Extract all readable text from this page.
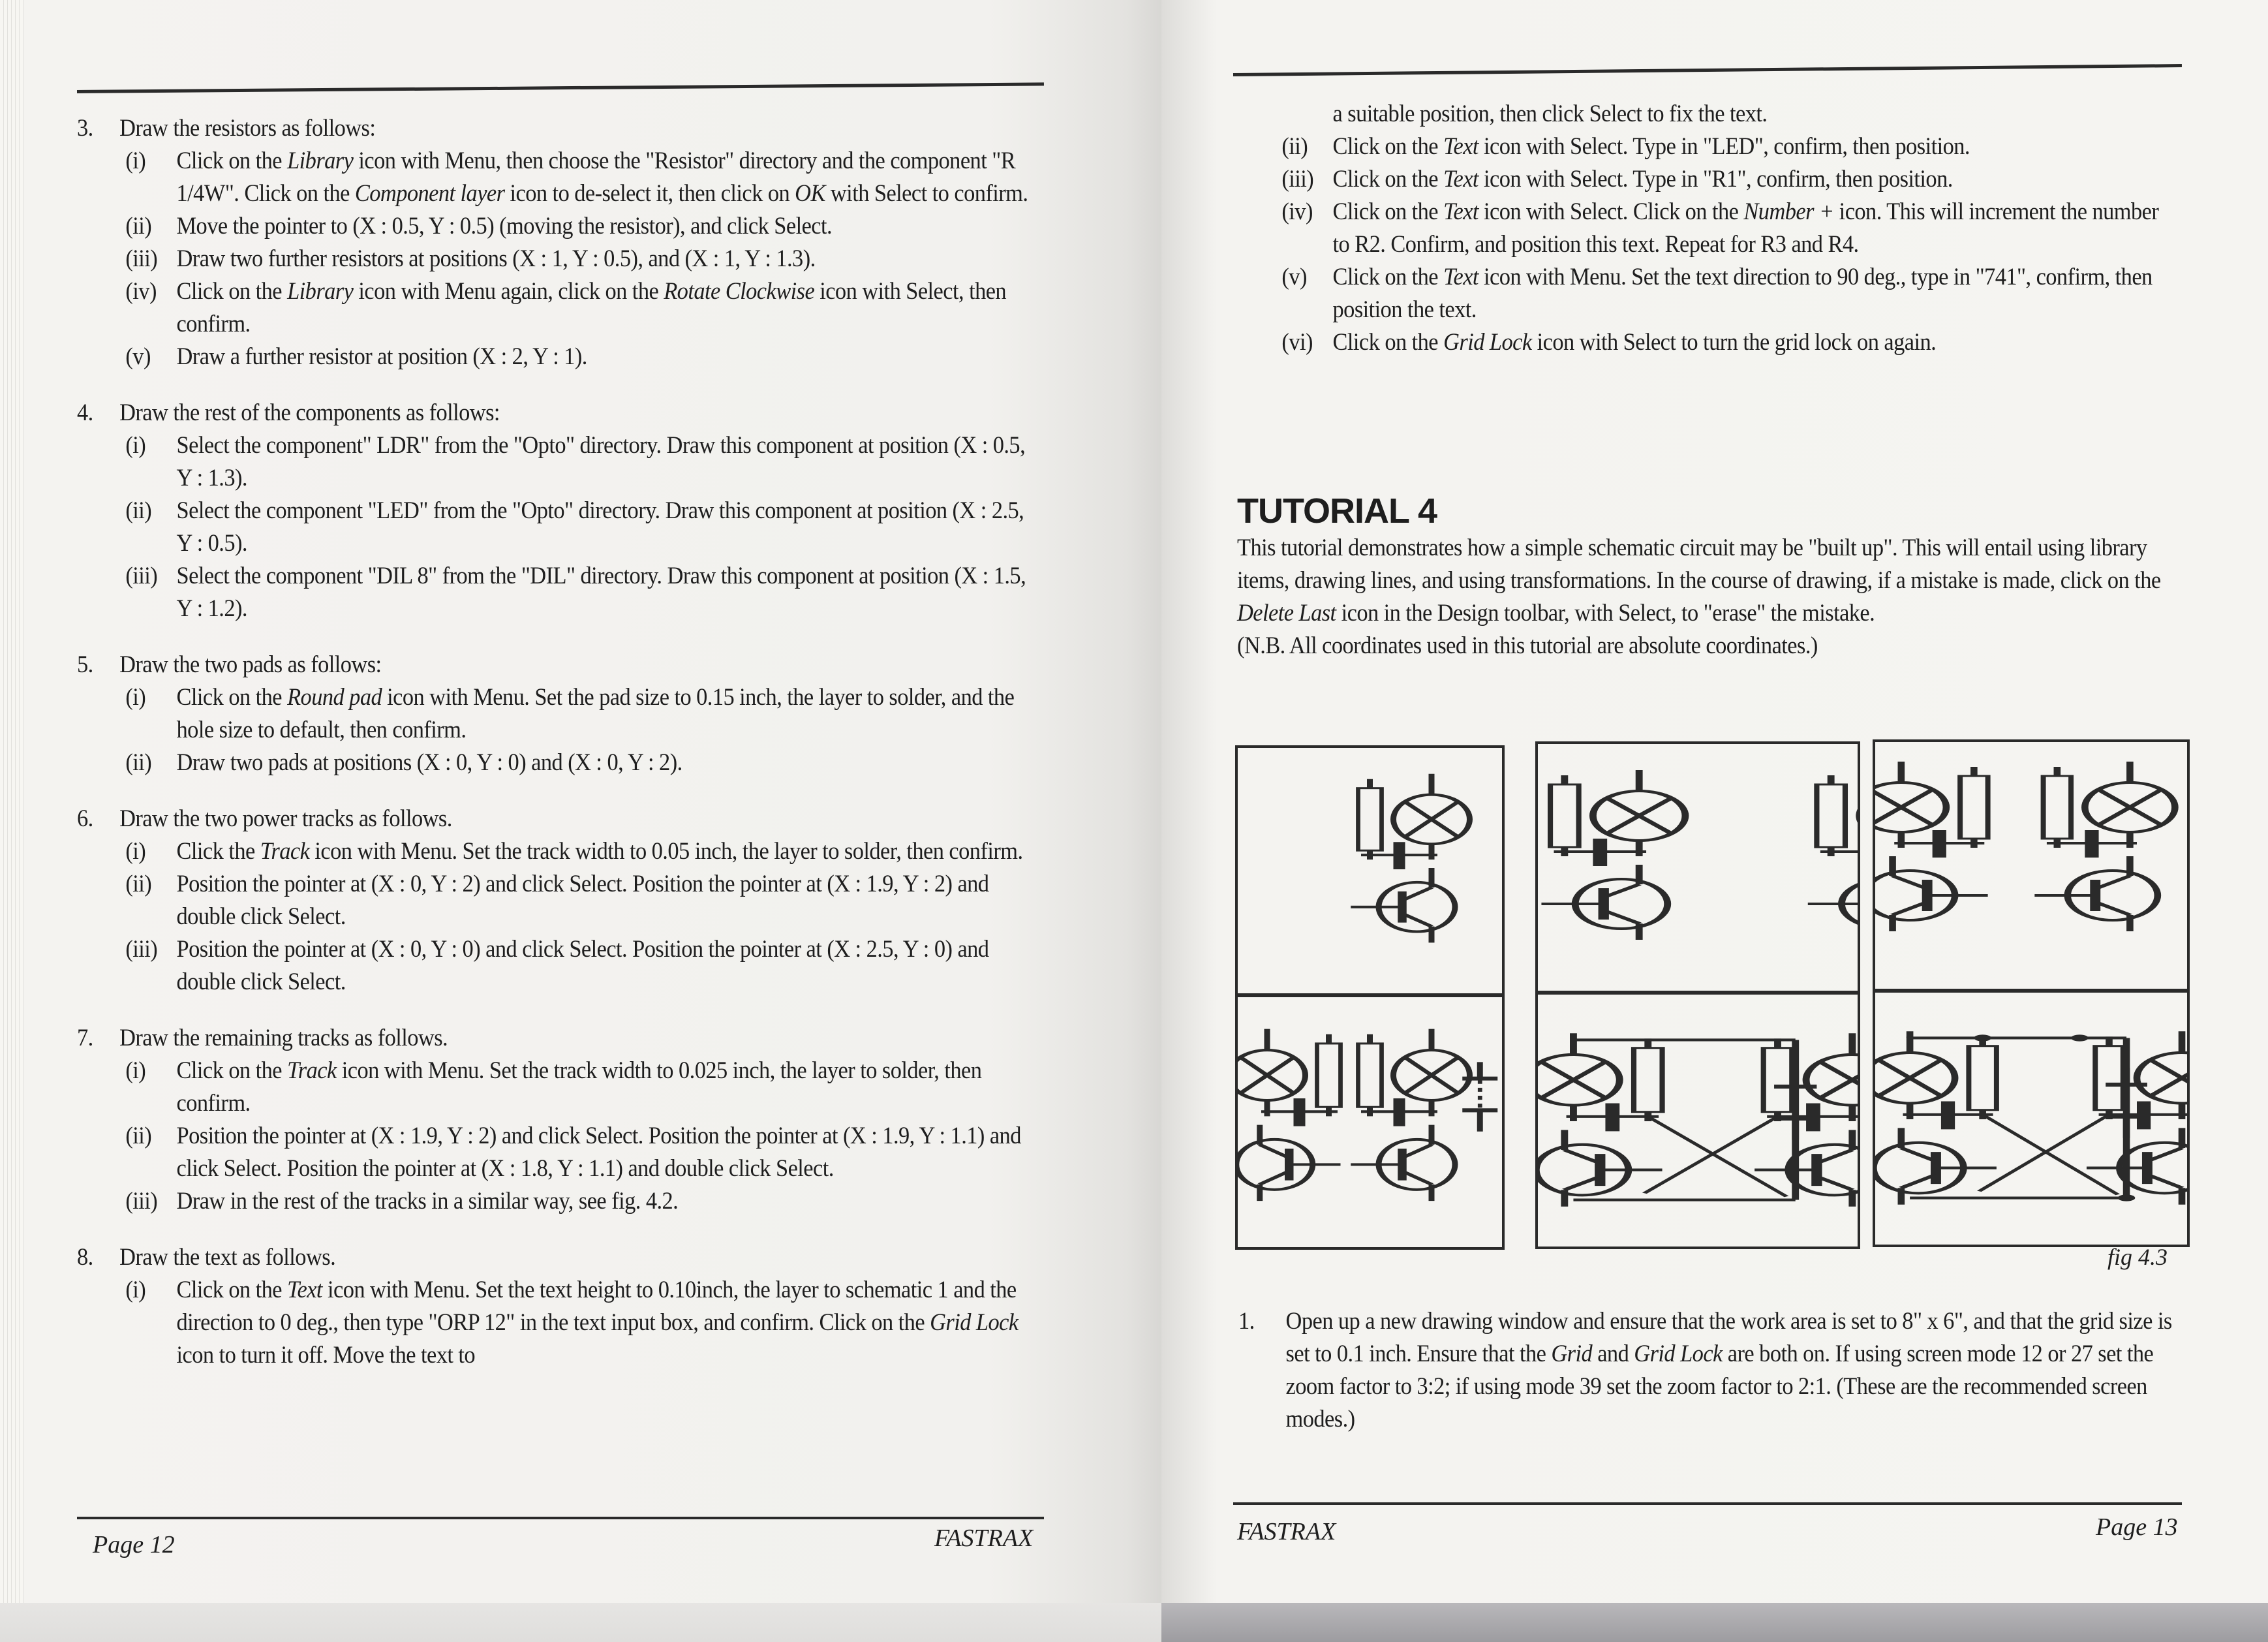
3. Draw the resistors as follows:
(i) Click on the Library icon with Menu, then choose the "Resistor" directory and the component "R 1/4W". Click on the Component layer icon to de-select it, then click on OK with Select to confirm.
(ii) Move the pointer to (X : 0.5, Y : 0.5) (moving the resistor), and click Select.
(iii) Draw two further resistors at positions (X : 1, Y : 0.5), and (X : 1, Y : 1.3).
(iv) Click on the Library icon with Menu again, click on the Rotate Clockwise icon with Select, then confirm.
(v) Draw a further resistor at position (X : 2, Y : 1).
4. Draw the rest of the components as follows:
(i) Select the component" LDR" from the "Opto" directory. Draw this component at position (X : 0.5, Y : 1.3).
(ii) Select the component "LED" from the "Opto" directory. Draw this component at position (X : 2.5, Y : 0.5).
(iii) Select the component "DIL 8" from the "DIL" directory. Draw this component at position (X : 1.5, Y : 1.2).
5. Draw the two pads as follows:
(i) Click on the Round pad icon with Menu. Set the pad size to 0.15 inch, the layer to solder, and the hole size to default, then confirm.
(ii) Draw two pads at positions (X : 0, Y : 0) and (X : 0, Y : 2).
6. Draw the two power tracks as follows.
(i) Click the Track icon with Menu. Set the track width to 0.05 inch, the layer to solder, then confirm.
(ii) Position the pointer at (X : 0, Y : 2) and click Select. Position the pointer at (X : 1.9, Y : 2) and double click Select.
(iii) Position the pointer at (X : 0, Y : 0) and click Select. Position the pointer at (X : 2.5, Y : 0) and double click Select.
7. Draw the remaining tracks as follows.
(i) Click on the Track icon with Menu. Set the track width to 0.025 inch, the layer to solder, then confirm.
(ii) Position the pointer at (X : 1.9, Y : 2) and click Select. Position the pointer at (X : 1.9, Y : 1.1) and click Select. Position the pointer at (X : 1.8, Y : 1.1) and double click Select.
(iii) Draw in the rest of the tracks in a similar way, see fig. 4.2.
8. Draw the text as follows.
(i) Click on the Text icon with Menu. Set the text height to 0.10inch, the layer to schematic 1 and the direction to 0 deg., then type "ORP 12" in the text input box, and confirm. Click on the Grid Lock icon to turn it off. Move the text to
Page 12	FASTRAX
a suitable position, then click Select to fix the text.
(ii) Click on the Text icon with Select. Type in "LED", confirm, then position.
(iii) Click on the Text icon with Select. Type in "R1", confirm, then position.
(iv) Click on the Text icon with Select. Click on the Number + icon. This will increment the number to R2. Confirm, and position this text. Repeat for R3 and R4.
(v) Click on the Text icon with Menu. Set the text direction to 90 deg., type in "741", confirm, then position the text.
(vi) Click on the Grid Lock icon with Select to turn the grid lock on again.
TUTORIAL 4
This tutorial demonstrates how a simple schematic circuit may be "built up". This will entail using library items, drawing lines, and using transformations. In the course of drawing, if a mistake is made, click on the Delete Last icon in the Design toolbar, with Select, to "erase" the mistake.
(N.B. All coordinates used in this tutorial are absolute coordinates.)
fig 4.3
1. Open up a new drawing window and ensure that the work area is set to 8" x 6", and that the grid size is set to 0.1 inch. Ensure that the Grid and Grid Lock are both on. If using screen mode 12 or 27 set the zoom factor to 3:2; if using mode 39 set the zoom factor to 2:1. (These are the recommended screen modes.)
FASTRAX	Page 13
